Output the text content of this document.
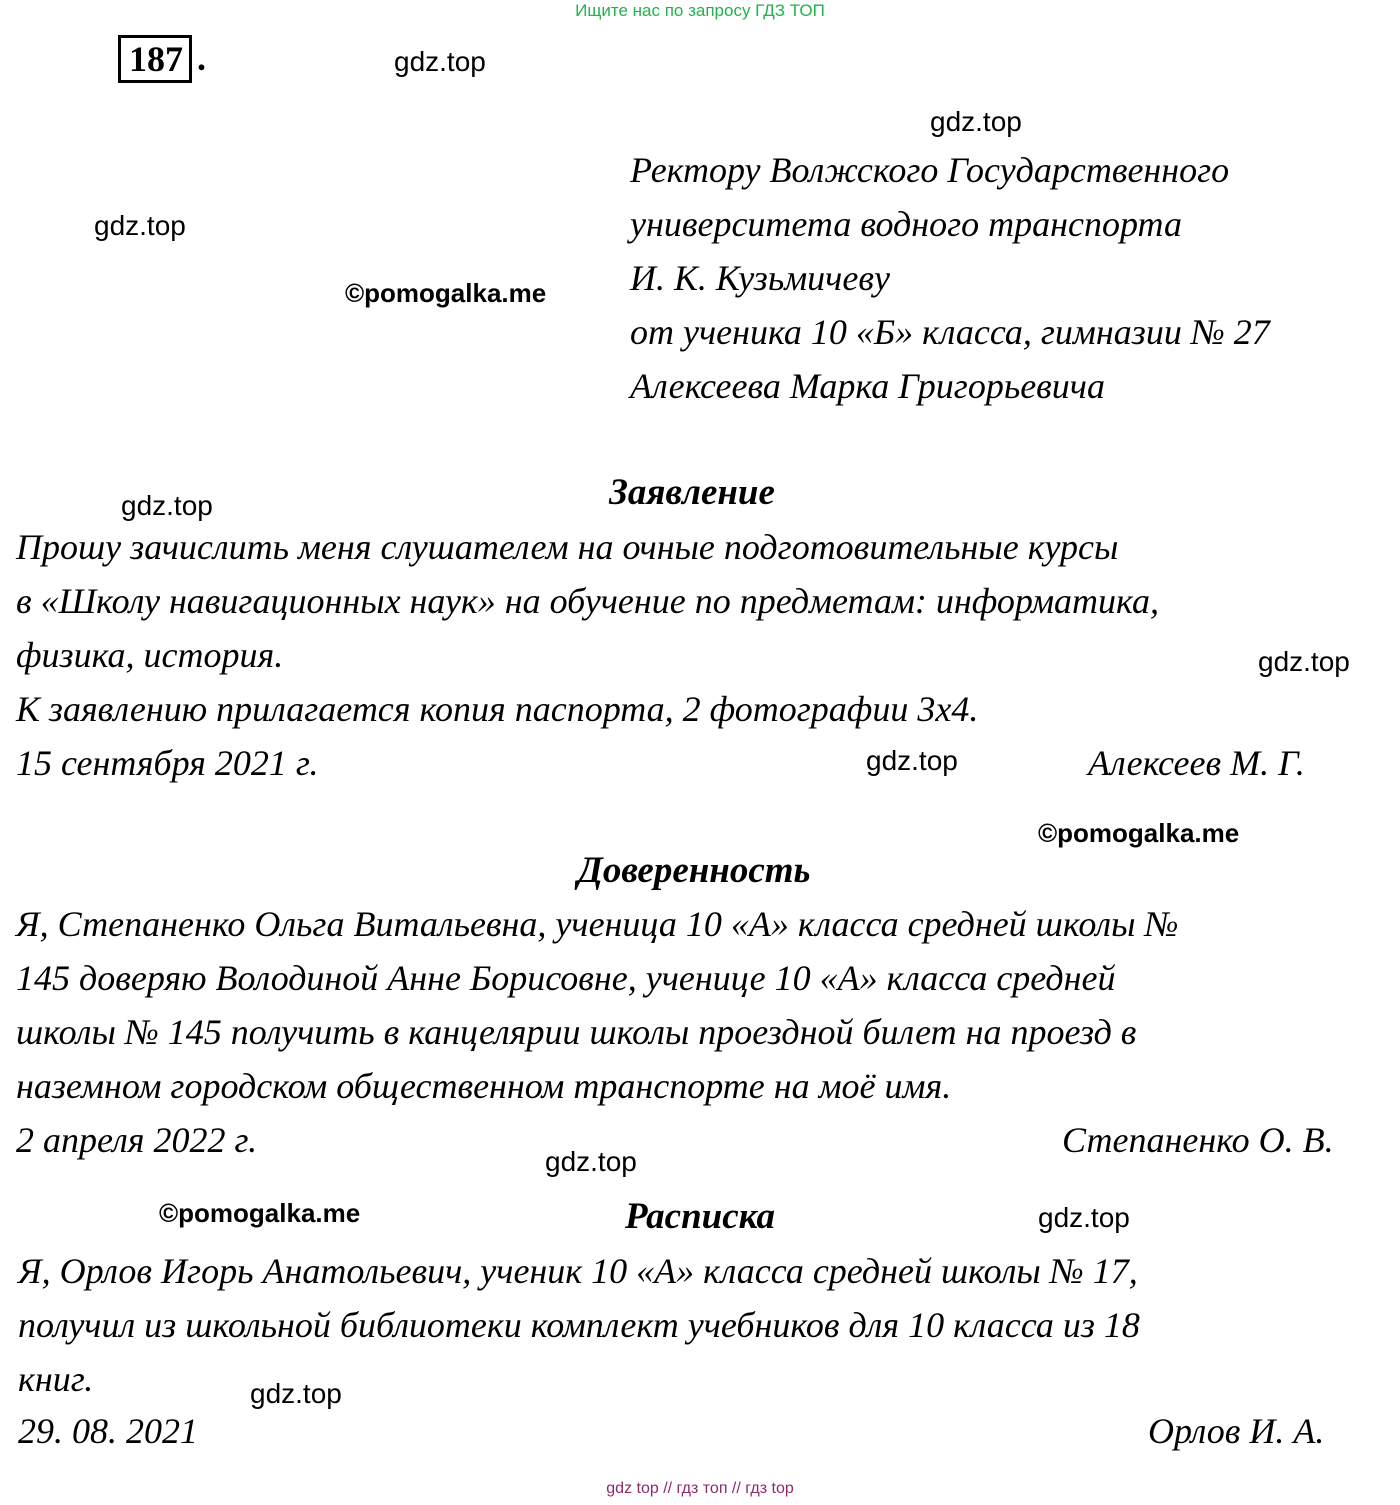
Ищите нас по запросу ГДЗ ТОП
187 .	gdz.top
gdz.top
gdz.top
©pomogalka.me
gdz.top
gdz.top
gdz.top
©pomogalka.me
gdz.top
©pomogalka.me	gdz.top
gdz.top
Ректору Волжского Государственного
университета водного транспорта
И. К. Кузьмичеву
от ученика 10 «Б» класса, гимназии № 27
Алексеева Марка Григорьевича
Заявление
Прошу зачислить меня слушателем на очные подготовительные курсы
в «Школу навигационных наук» на обучение по предметам: информатика,
физика, история.
К заявлению прилагается копия паспорта, 2 фотографии 3х4.
15 сентября 2021 г.	Алексеев М. Г.
Доверенность
Я, Степаненко Ольга Витальевна, ученица 10 «А» класса средней школы №
145 доверяю Володиной Анне Борисовне, ученице 10 «А» класса средней
школы № 145 получить в канцелярии школы проездной билет на проезд в
наземном городском общественном транспорте на моё имя.
2 апреля 2022 г.	Степаненко О. В.
Расписка
Я, Орлов Игорь Анатольевич, ученик 10 «А» класса средней школы № 17,
получил из школьной библиотеки комплект учебников для 10 класса из 18
книг.
29. 08. 2021	Орлов И. А.
gdz top // гдз топ // гдз top
